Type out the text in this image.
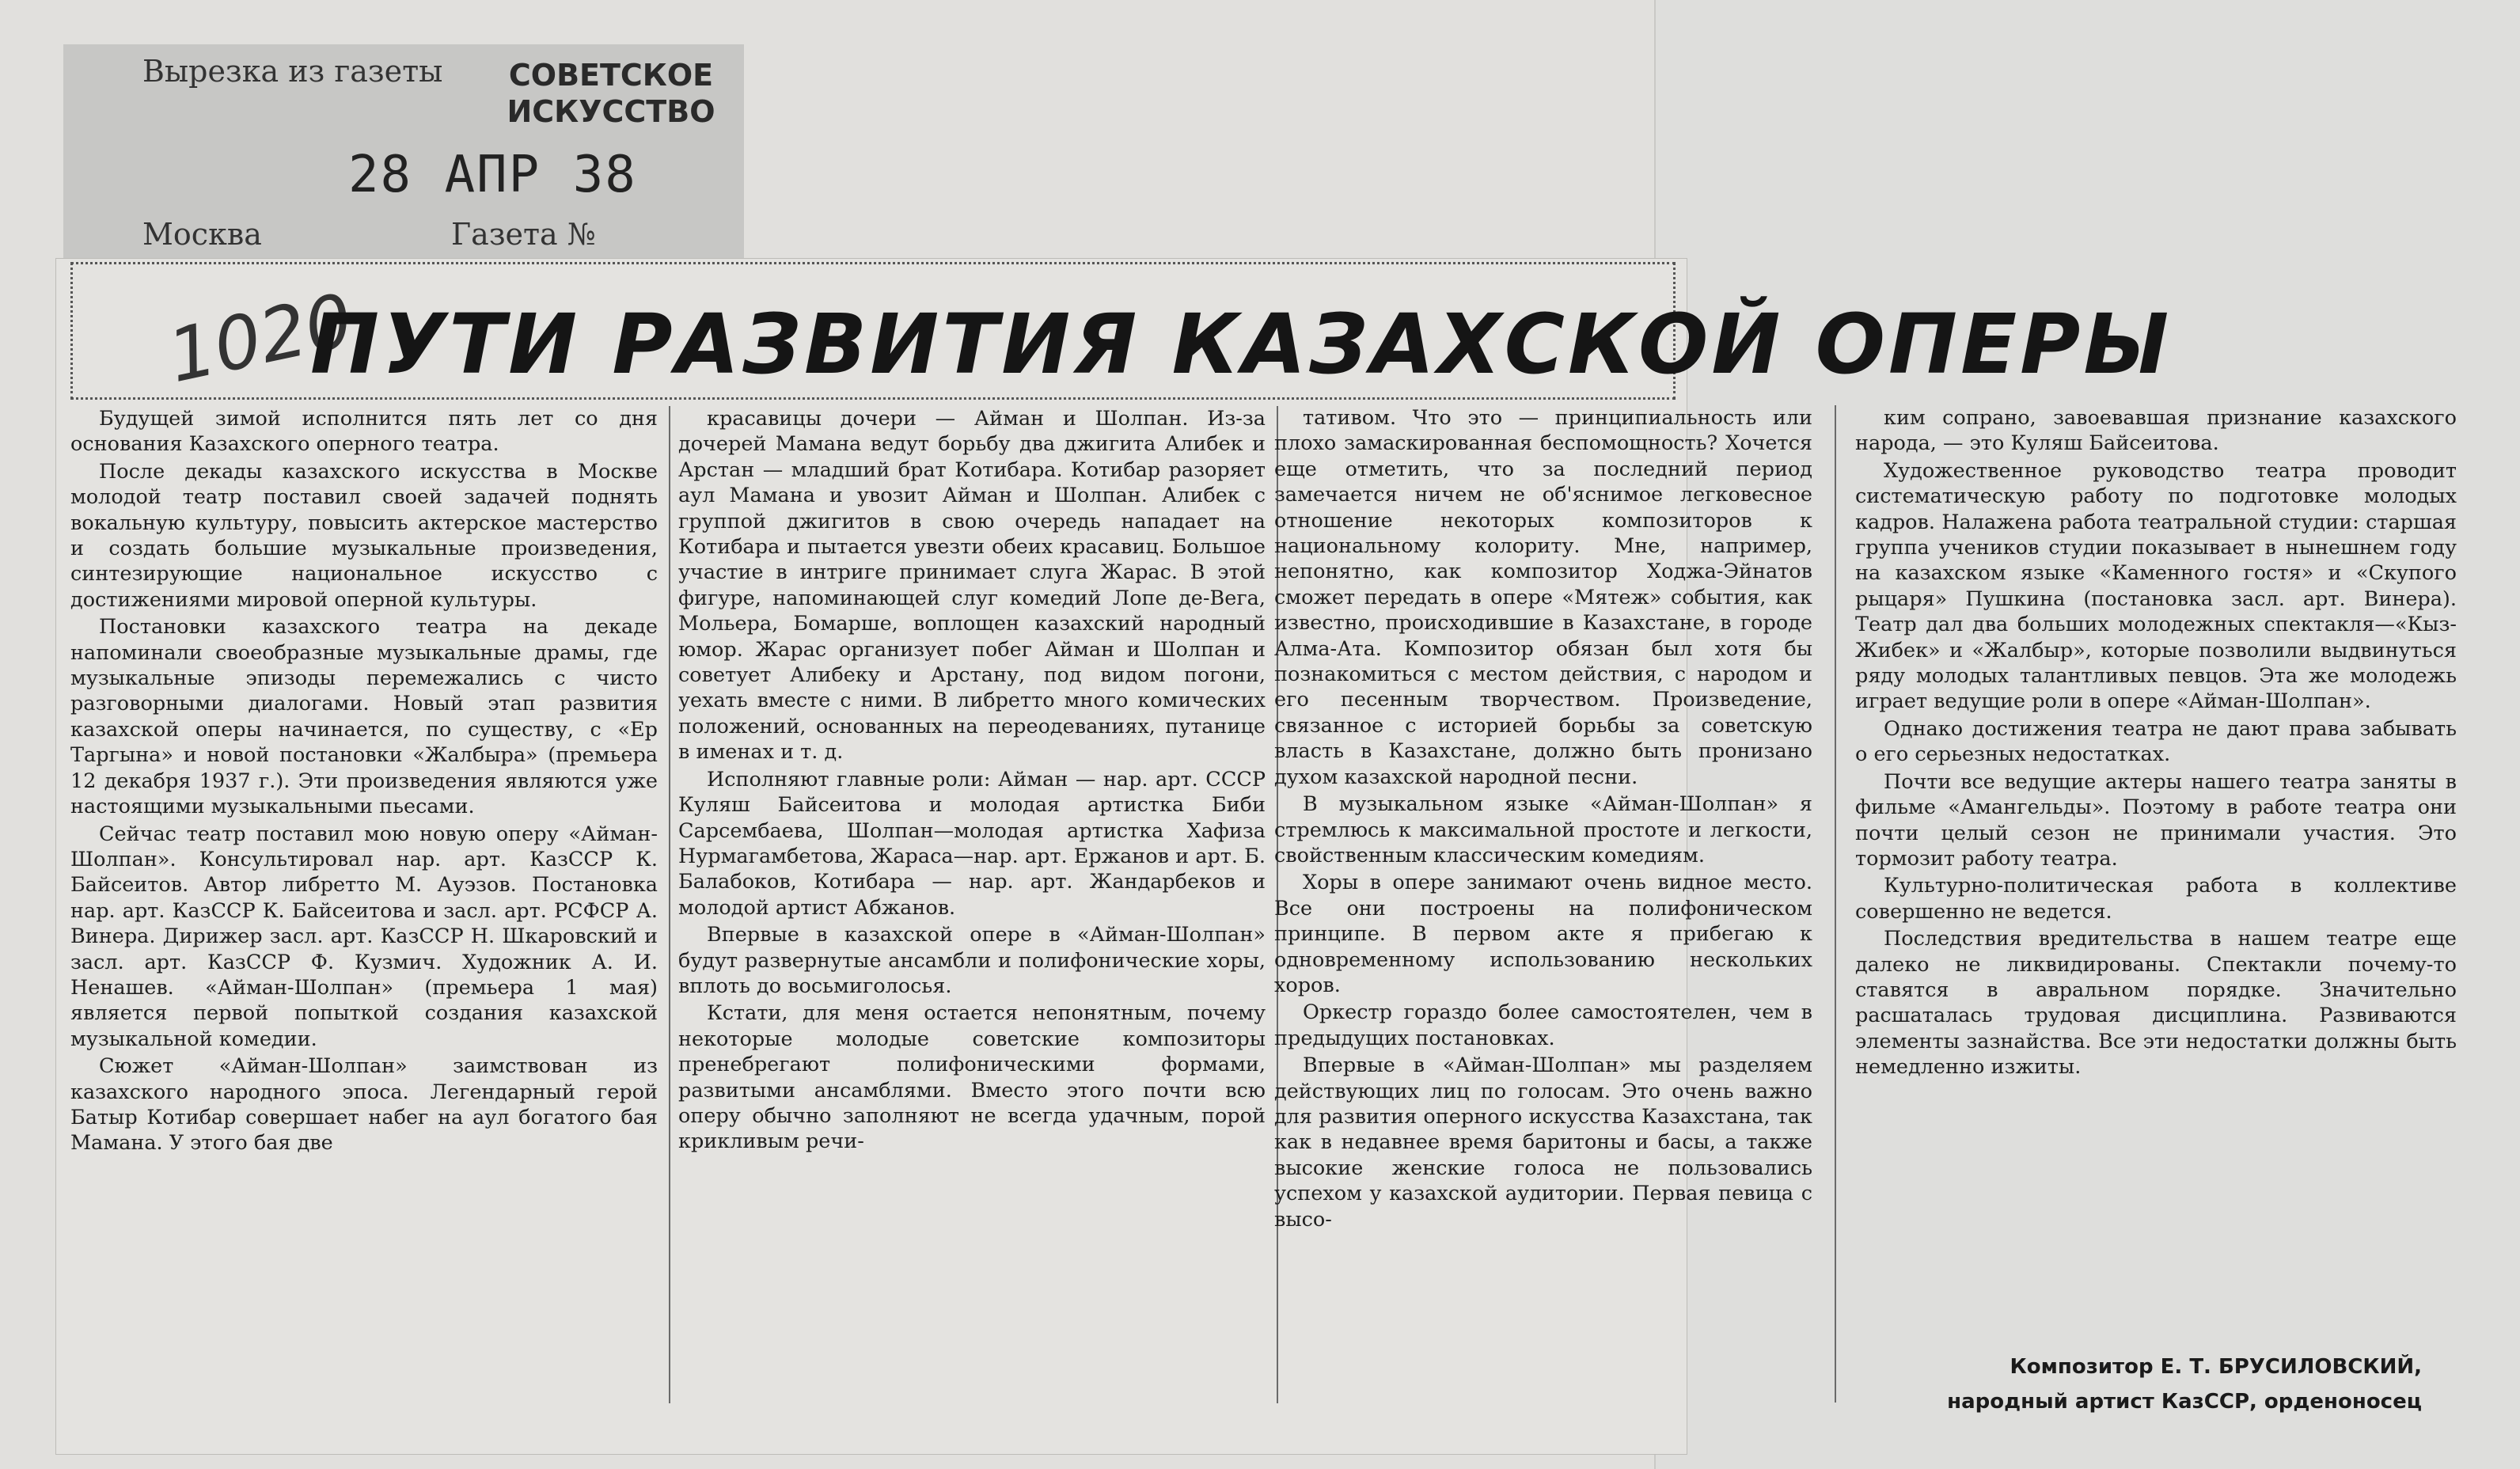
Вырезка из газеты	СОВЕТСКОЕ ИСКУССТВО
28 АПР 38
Москва	Газета №
1020
ПУТИ РАЗВИТИЯ КАЗАХСКОЙ ОПЕРЫ

Будущей зимой исполнится пять лет со дня основания Казахского оперного театра.

После декады казахского искусства в Москве молодой театр поставил своей задачей поднять вокальную культуру, повысить актерское мастерство и создать большие музыкальные произведения, синтезирующие национальное искусство с достижениями мировой оперной культуры.

Постановки казахского театра на декаде напоминали своеобразные музыкальные драмы, где музыкальные эпизоды перемежались с чисто разговорными диалогами. Новый этап развития казахской оперы начинается, по существу, с «Ер Таргына» и новой постановки «Жалбыра» (премьера 12 декабря 1937 г.). Эти произведения являются уже настоящими музыкальными пьесами.

Сейчас театр поставил мою новую оперу «Айман-Шолпан». Консультировал нар. арт. КазССР К. Байсеитов. Автор либретто М. Ауэзов. Постановка нар. арт. КазССР К. Байсеитова и засл. арт. РСФСР А. Винера. Дирижер засл. арт. КазССР Н. Шкаровский и засл. арт. КазССР Ф. Кузмич. Художник А. И. Ненашев. «Айман-Шолпан» (премьера 1 мая) является первой попыткой создания казахской музыкальной комедии.

Сюжет «Айман-Шолпан» заимствован из казахского народного эпоса. Легендарный герой Батыр Котибар совершает набег на аул богатого бая Мамана. У этого бая две

красавицы дочери — Айман и Шолпан. Из-за дочерей Мамана ведут борьбу два джигита Алибек и Арстан — младший брат Котибара. Котибар разоряет аул Мамана и увозит Айман и Шолпан. Алибек с группой джигитов в свою очередь нападает на Котибара и пытается увезти обеих красавиц. Большое участие в интриге принимает слуга Жарас. В этой фигуре, напоминающей слуг комедий Лопе де-Вега, Мольера, Бомарше, воплощен казахский народный юмор. Жарас организует побег Айман и Шолпан и советует Алибеку и Арстану, под видом погони, уехать вместе с ними. В либретто много комических положений, основанных на переодеваниях, путанице в именах и т. д.

Исполняют главные роли: Айман — нар. арт. СССР Куляш Байсеитова и молодая артистка Биби Сарсембаева, Шолпан—молодая артистка Хафиза Нурмагамбетова, Жараса—нар. арт. Ержанов и арт. Б. Балабоков, Котибара — нар. арт. Жандарбеков и молодой артист Абжанов.

Впервые в казахской опере в «Айман-Шолпан» будут развернутые ансамбли и полифонические хоры, вплоть до восьмиголосья.

Кстати, для меня остается непонятным, почему некоторые молодые советские композиторы пренебрегают полифоническими формами, развитыми ансамблями. Вместо этого почти всю оперу обычно заполняют не всегда удачным, порой крикливым речи-

тативом. Что это — принципиальность или плохо замаскированная беспомощность? Хочется еще отметить, что за последний период замечается ничем не об'яснимое легковесное отношение некоторых композиторов к национальному колориту. Мне, например, непонятно, как композитор Ходжа-Эйнатов сможет передать в опере «Мятеж» события, как известно, происходившие в Казахстане, в городе Алма-Ата. Композитор обязан был хотя бы познакомиться с местом действия, с народом и его песенным творчеством. Произведение, связанное с историей борьбы за советскую власть в Казахстане, должно быть пронизано духом казахской народной песни.

В музыкальном языке «Айман-Шолпан» я стремлюсь к максимальной простоте и легкости, свойственным классическим комедиям.

Хоры в опере занимают очень видное место. Все они построены на полифоническом принципе. В первом акте я прибегаю к одновременному использованию нескольких хоров.

Оркестр гораздо более самостоятелен, чем в предыдущих постановках.

Впервые в «Айман-Шолпан» мы разделяем действующих лиц по голосам. Это очень важно для развития оперного искусства Казахстана, так как в недавнее время баритоны и басы, а также высокие женские голоса не пользовались успехом у казахской аудитории. Первая певица с высо-

ким сопрано, завоевавшая признание казахского народа, — это Куляш Байсеитова.

Художественное руководство театра проводит систематическую работу по подготовке молодых кадров. Налажена работа театральной студии: старшая группа учеников студии показывает в нынешнем году на казахском языке «Каменного гостя» и «Скупого рыцаря» Пушкина (постановка засл. арт. Винера). Театр дал два больших молодежных спектакля—«Кыз-Жибек» и «Жалбыр», которые позволили выдвинуться ряду молодых талантливых певцов. Эта же молодежь играет ведущие роли в опере «Айман-Шолпан».

Однако достижения театра не дают права забывать о его серьезных недостатках.

Почти все ведущие актеры нашего театра заняты в фильме «Амангельды». Поэтому в работе театра они почти целый сезон не принимали участия. Это тормозит работу театра.

Культурно-политическая работа в коллективе совершенно не ведется.

Последствия вредительства в нашем театре еще далеко не ликвидированы. Спектакли почему-то ставятся в авральном порядке. Значительно расшаталась трудовая дисциплина. Развиваются элементы зазнайства. Все эти недостатки должны быть немедленно изжиты.

Композитор Е. Т. БРУСИЛОВСКИЙ,
народный артист КазССР, орденоносец
